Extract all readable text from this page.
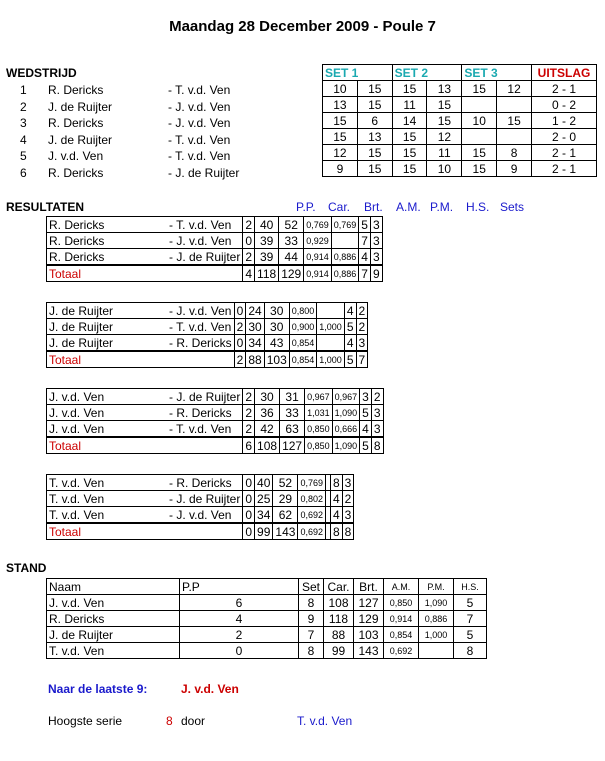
Maandag 28 December 2009 - Poule 7
WEDSTRIJD
1 R. Dericks	- T. v.d. Ven
2 J. de Ruijter	- J. v.d. Ven
3 R. Dericks	- J. v.d. Ven
4 J. de Ruijter	- T. v.d. Ven
5 J. v.d. Ven	- T. v.d. Ven
6 R. Dericks	- J. de Ruijter
SET 1		SET 2		SET 3		UITSLAG
10	15	15	13	15	12	2 - 1
13	15	11	15			0 - 2
15	6	14	15	10	15	1 - 2
15	13	15	12			2 - 0
12	15	15	11	15	8	2 - 1
9	15	15	10	15	9	2 - 1
RESULTATEN	P.P. Car. Brt. A.M. P.M. H.S. Sets
R. Dericks - T. v.d. Ven	2	40	52	0,769	0,769	5	3
R. Dericks - J. v.d. Ven	0	39	33	0,929		7	3
R. Dericks - J. de Ruijter	2	39	44	0,914	0,886	4	3
Totaal	4	118	129	0,914	0,886	7	9
J. de Ruijter - J. v.d. Ven	0	24	30	0,800		4	2
J. de Ruijter - T. v.d. Ven	2	30	30	0,900	1,000	5	2
J. de Ruijter - R. Dericks	0	34	43	0,854		4	3
Totaal	2	88	103	0,854	1,000	5	7
J. v.d. Ven - J. de Ruijter	2	30	31	0,967	0,967	3	2
J. v.d. Ven - R. Dericks	2	36	33	1,031	1,090	5	3
J. v.d. Ven - T. v.d. Ven	2	42	63	0,850	0,666	4	3
Totaal	6	108	127	0,850	1,090	5	8
T. v.d. Ven - R. Dericks	0	40	52	0,769		8	3
T. v.d. Ven - J. de Ruijter	0	25	29	0,802		4	2
T. v.d. Ven - J. v.d. Ven	0	34	62	0,692		4	3
Totaal	0	99	143	0,692		8	8
STAND
Naam	P.P	Set	Car.	Brt.	A.M.	P.M.	H.S.
J. v.d. Ven	6	8	108	127	0,850	1,090	5
R. Dericks	4	9	118	129	0,914	0,886	7
J. de Ruijter	2	7	88	103	0,854	1,000	5
T. v.d. Ven	0	8	99	143	0,692		8
Naar de laatste 9:	J. v.d. Ven
Hoogste serie	8 door	T. v.d. Ven
